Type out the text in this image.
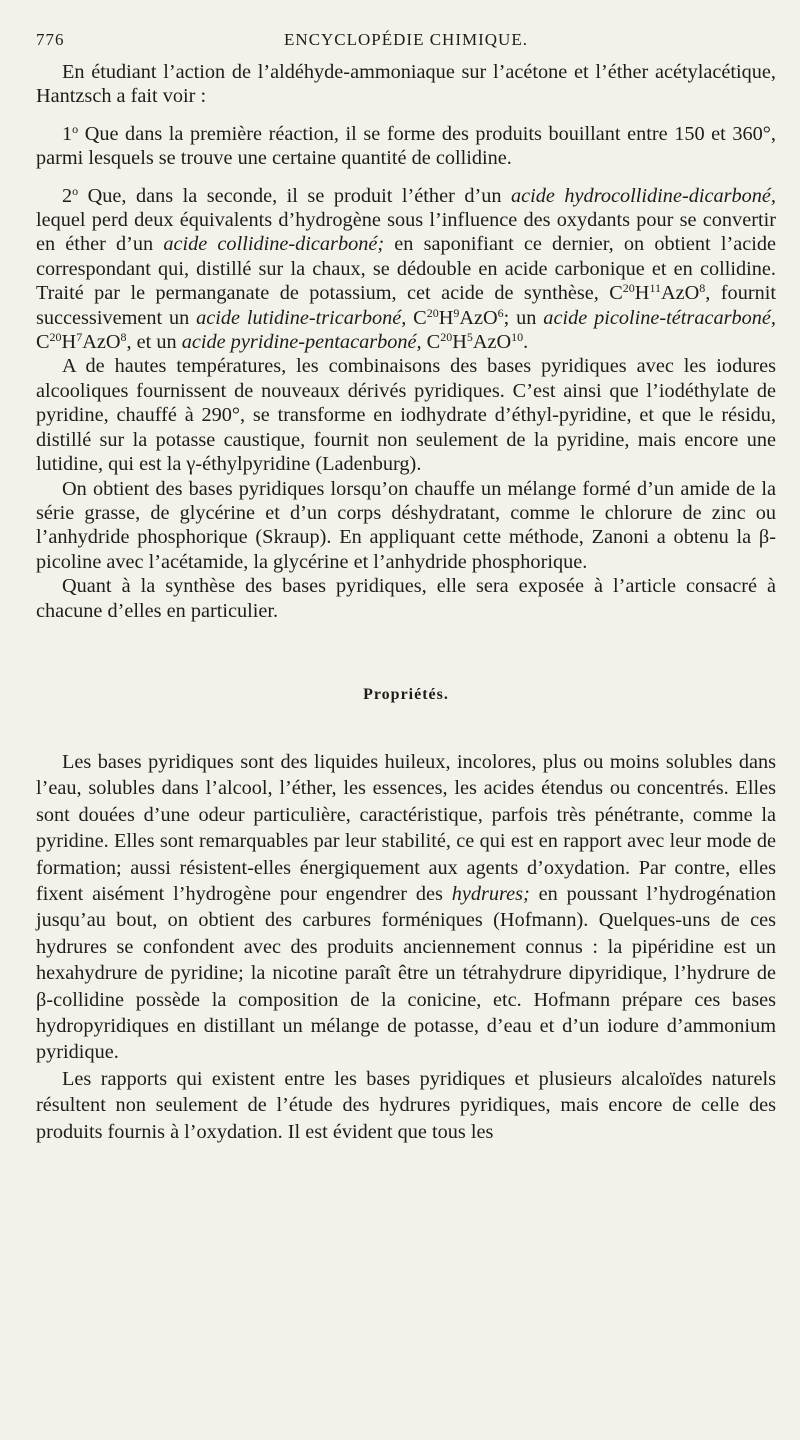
776	ENCYCLOPÉDIE CHIMIQUE.

En étudiant l’action de l’aldéhyde-ammoniaque sur l’acétone et l’éther acétylacétique, Hantzsch a fait voir :

1$^o$ Que dans la première réaction, il se forme des produits bouillant entre 150 et 360°, parmi lesquels se trouve une certaine quantité de collidine.

2$^o$ Que, dans la seconde, il se produit l’éther d’un acide hydrocollidine-dicarboné, lequel perd deux équivalents d’hydrogène sous l’influence des oxydants pour se convertir en éther d’un acide collidine-dicarboné; en saponifiant ce dernier, on obtient l’acide correspondant qui, distillé sur la chaux, se dédouble en acide carbonique et en collidine. Traité par le permanganate de potassium, cet acide de synthèse, $C^{20}H^{11}AzO^8$, fournit successivement un acide lutidine-tricarboné, $C^{20}H^9AzO^6$; un acide picoline-tétracarboné, $C^{20}H^7AzO^8$, et un acide pyridine-pentacarboné, $C^{20}H^5AzO^{10}$.

A de hautes températures, les combinaisons des bases pyridiques avec les iodures alcooliques fournissent de nouveaux dérivés pyridiques. C’est ainsi que l’iodéthylate de pyridine, chauffé à 290°, se transforme en iodhydrate d’éthyl-pyridine, et que le résidu, distillé sur la potasse caustique, fournit non seulement de la pyridine, mais encore une lutidine, qui est la γ-éthylpyridine (Ladenburg).

On obtient des bases pyridiques lorsqu’on chauffe un mélange formé d’un amide de la série grasse, de glycérine et d’un corps déshydratant, comme le chlorure de zinc ou l’anhydride phosphorique (Skraup). En appliquant cette méthode, Zanoni a obtenu la β-picoline avec l’acétamide, la glycérine et l’anhydride phosphorique.

Quant à la synthèse des bases pyridiques, elle sera exposée à l’article consacré à chacune d’elles en particulier.

Propriétés.

Les bases pyridiques sont des liquides huileux, incolores, plus ou moins solubles dans l’eau, solubles dans l’alcool, l’éther, les essences, les acides étendus ou concentrés. Elles sont douées d’une odeur particulière, caractéristique, parfois très pénétrante, comme la pyridine. Elles sont remarquables par leur stabilité, ce qui est en rapport avec leur mode de formation; aussi résistent-elles énergiquement aux agents d’oxydation. Par contre, elles fixent aisément l’hydrogène pour engendrer des hydrures; en poussant l’hydrogénation jusqu’au bout, on obtient des carbures forméniques (Hofmann). Quelques-uns de ces hydrures se confondent avec des produits anciennement connus : la pipéridine est un hexahydrure de pyridine; la nicotine paraît être un tétrahydrure dipyridique, l’hydrure de β-collidine possède la composition de la conicine, etc. Hofmann prépare ces bases hydropyridiques en distillant un mélange de potasse, d’eau et d’un iodure d’ammonium pyridique.

Les rapports qui existent entre les bases pyridiques et plusieurs alcaloïdes naturels résultent non seulement de l’étude des hydrures pyridiques, mais encore de celle des produits fournis à l’oxydation. Il est évident que tous les
